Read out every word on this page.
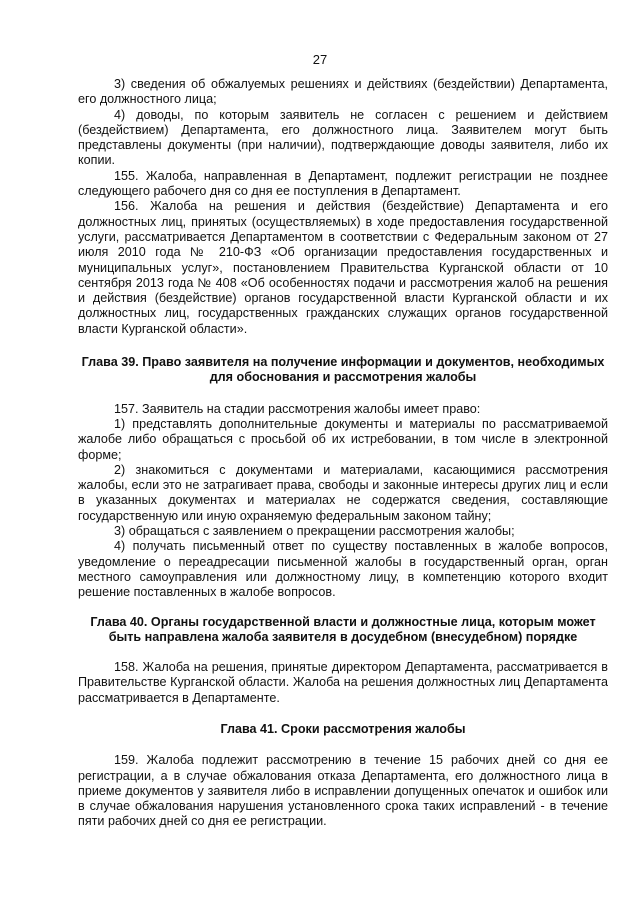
27

3) сведения об обжалуемых решениях и действиях (бездействии) Департамента, его должностного лица;

4) доводы, по которым заявитель не согласен с решением и действием (бездействием) Департамента, его должностного лица. Заявителем могут быть представлены документы (при наличии), подтверждающие доводы заявителя, либо их копии.

155. Жалоба, направленная в Департамент, подлежит регистрации не позднее следующего рабочего дня со дня ее поступления в Департамент.

156. Жалоба на решения и действия (бездействие) Департамента и его должностных лиц, принятых (осуществляемых) в ходе предоставления государственной услуги, рассматривается Департаментом в соответствии с Федеральным законом от 27 июля 2010 года № 210-ФЗ «Об организации предоставления государственных и муниципальных услуг», постановлением Правительства Курганской области от 10 сентября 2013 года № 408 «Об особенностях подачи и рассмотрения жалоб на решения и действия (бездействие) органов государственной власти Курганской области и их должностных лиц, государственных гражданских служащих органов государственной власти Курганской области».

Глава 39. Право заявителя на получение информации и документов, необходимых для обоснования и рассмотрения жалобы

157. Заявитель на стадии рассмотрения жалобы имеет право:

1) представлять дополнительные документы и материалы по рассматриваемой жалобе либо обращаться с просьбой об их истребовании, в том числе в электронной форме;

2) знакомиться с документами и материалами, касающимися рассмотрения жалобы, если это не затрагивает права, свободы и законные интересы других лиц и если в указанных документах и материалах не содержатся сведения, составляющие государственную или иную охраняемую федеральным законом тайну;

3) обращаться с заявлением о прекращении рассмотрения жалобы;

4) получать письменный ответ по существу поставленных в жалобе вопросов, уведомление о переадресации письменной жалобы в государственный орган, орган местного самоуправления или должностному лицу, в компетенцию которого входит решение поставленных в жалобе вопросов.

Глава 40. Органы государственной власти и должностные лица, которым может быть направлена жалоба заявителя в досудебном (внесудебном) порядке

158. Жалоба на решения, принятые директором Департамента, рассматривается в Правительстве Курганской области. Жалоба на решения должностных лиц Департамента рассматривается в Департаменте.

Глава 41. Сроки рассмотрения жалобы

159. Жалоба подлежит рассмотрению в течение 15 рабочих дней со дня ее регистрации, а в случае обжалования отказа Департамента, его должностного лица в приеме документов у заявителя либо в исправлении допущенных опечаток и ошибок или в случае обжалования нарушения установленного срока таких исправлений - в течение пяти рабочих дней со дня ее регистрации.
